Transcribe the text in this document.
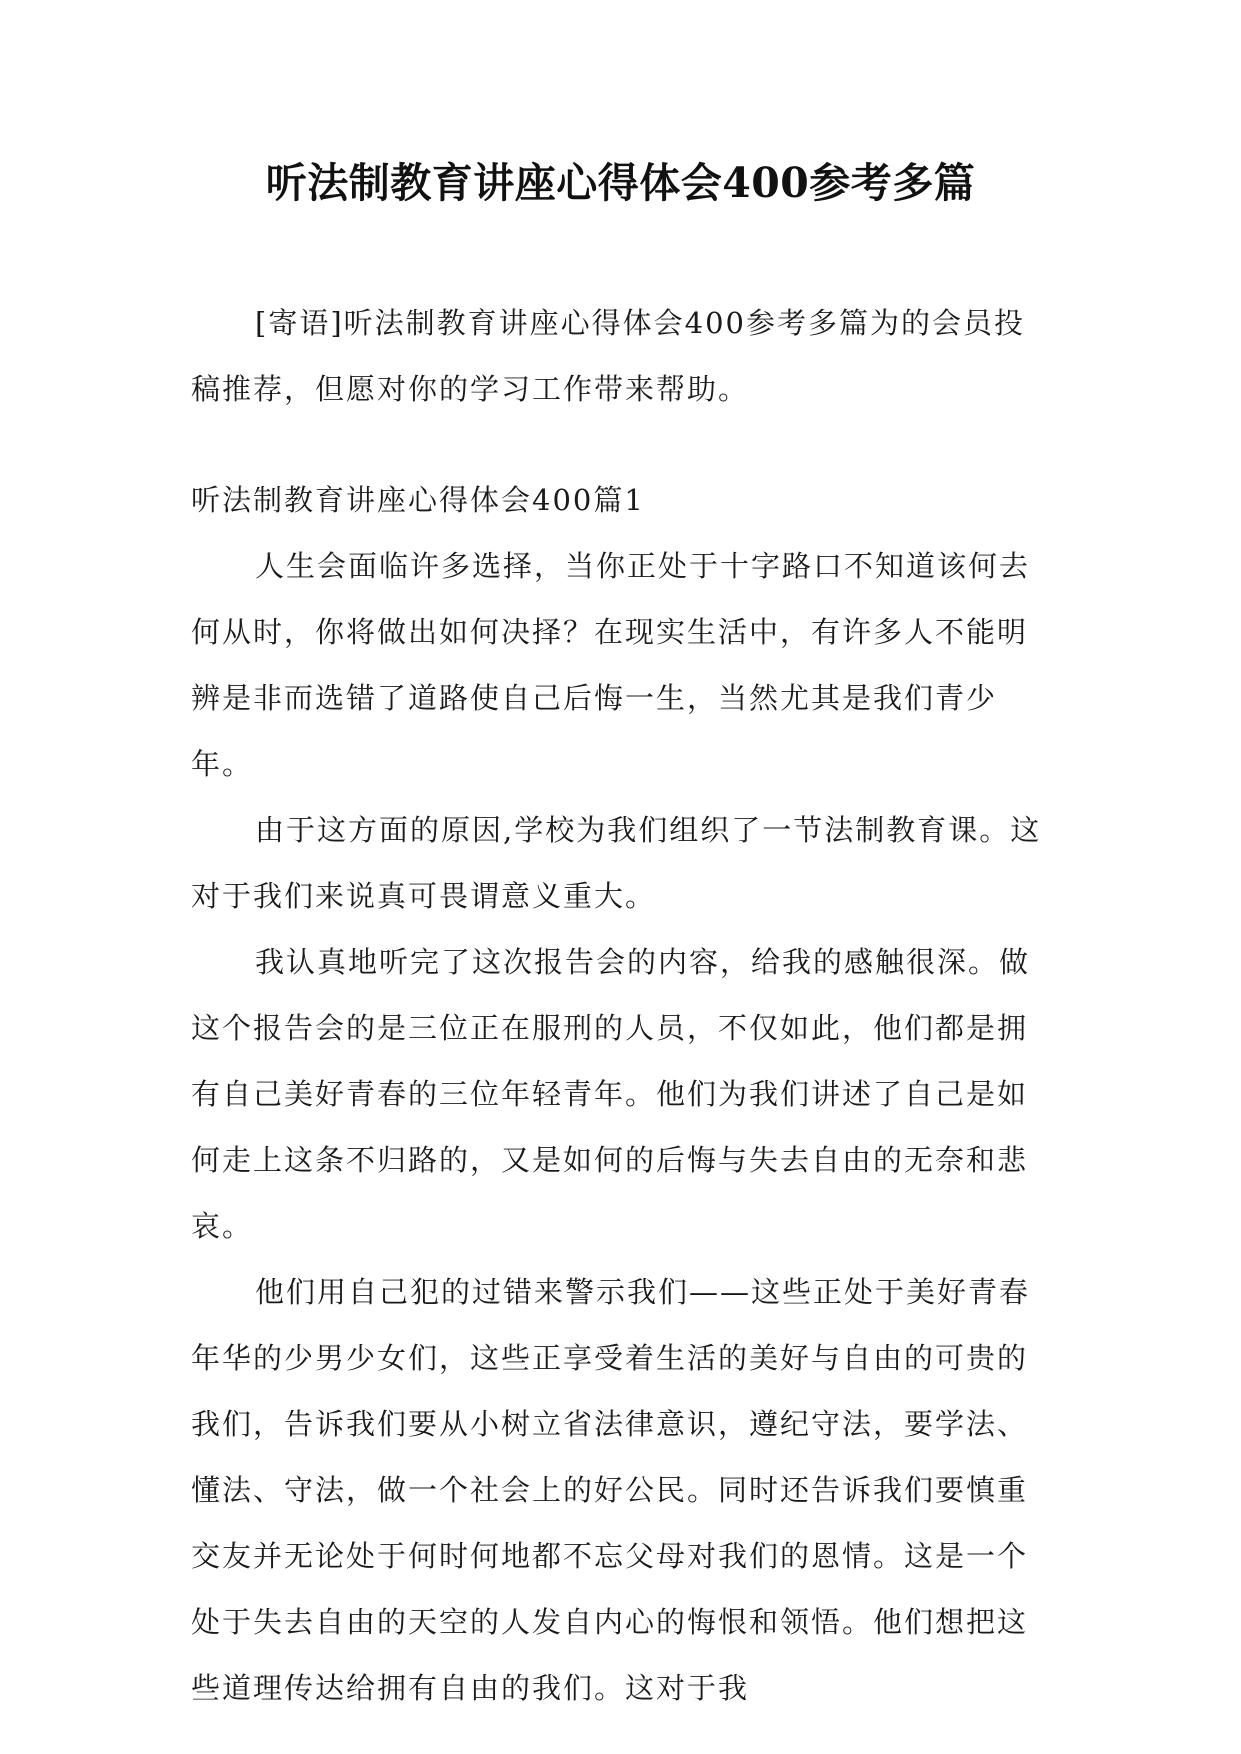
听法制教育讲座心得体会400参考多篇

[寄语]听法制教育讲座心得体会400参考多篇为的会员投稿推荐，但愿对你的学习工作带来帮助。

听法制教育讲座心得体会400篇1

人生会面临许多选择，当你正处于十字路口不知道该何去何从时，你将做出如何决择？在现实生活中，有许多人不能明辨是非而选错了道路使自己后悔一生，当然尤其是我们青少年。

由于这方面的原因,学校为我们组织了一节法制教育课。这对于我们来说真可畏谓意义重大。

我认真地听完了这次报告会的内容，给我的感触很深。做这个报告会的是三位正在服刑的人员，不仅如此，他们都是拥有自己美好青春的三位年轻青年。他们为我们讲述了自己是如何走上这条不归路的，又是如何的后悔与失去自由的无奈和悲哀。

他们用自己犯的过错来警示我们——这些正处于美好青春年华的少男少女们，这些正享受着生活的美好与自由的可贵的我们，告诉我们要从小树立省法律意识，遵纪守法，要学法、懂法、守法，做一个社会上的好公民。同时还告诉我们要慎重交友并无论处于何时何地都不忘父母对我们的恩情。这是一个处于失去自由的天空的人发自内心的悔恨和领悟。他们想把这些道理传达给拥有自由的我们。这对于我
